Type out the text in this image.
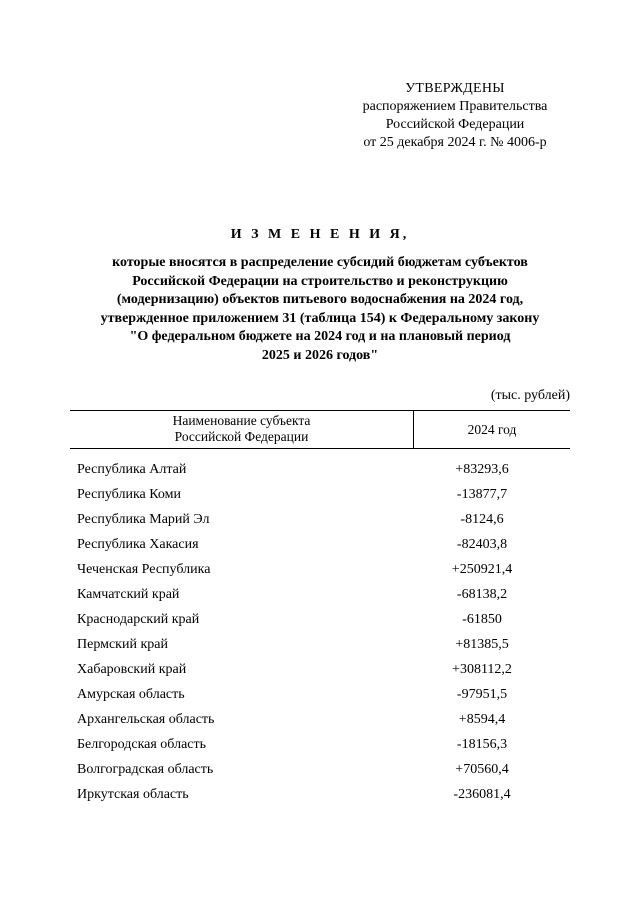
УТВЕРЖДЕНЫ
распоряжением Правительства
Российской Федерации
от 25 декабря 2024 г. № 4006-р
И З М Е Н Е Н И Я,
которые вносятся в распределение субсидий бюджетам субъектов
Российской Федерации на строительство и реконструкцию
(модернизацию) объектов питьевого водоснабжения на 2024 год,
утвержденное приложением 31 (таблица 154) к Федеральному закону
"О федеральном бюджете на 2024 год и на плановый период
2025 и 2026 годов"
(тыс. рублей)
Наименование субъекта
Российской Федерации	2024 год
Республика Алтай	+83293,6
Республика Коми	-13877,7
Республика Марий Эл	-8124,6
Республика Хакасия	-82403,8
Чеченская Республика	+250921,4
Камчатский край	-68138,2
Краснодарский край	-61850
Пермский край	+81385,5
Хабаровский край	+308112,2
Амурская область	-97951,5
Архангельская область	+8594,4
Белгородская область	-18156,3
Волгоградская область	+70560,4
Иркутская область	-236081,4
